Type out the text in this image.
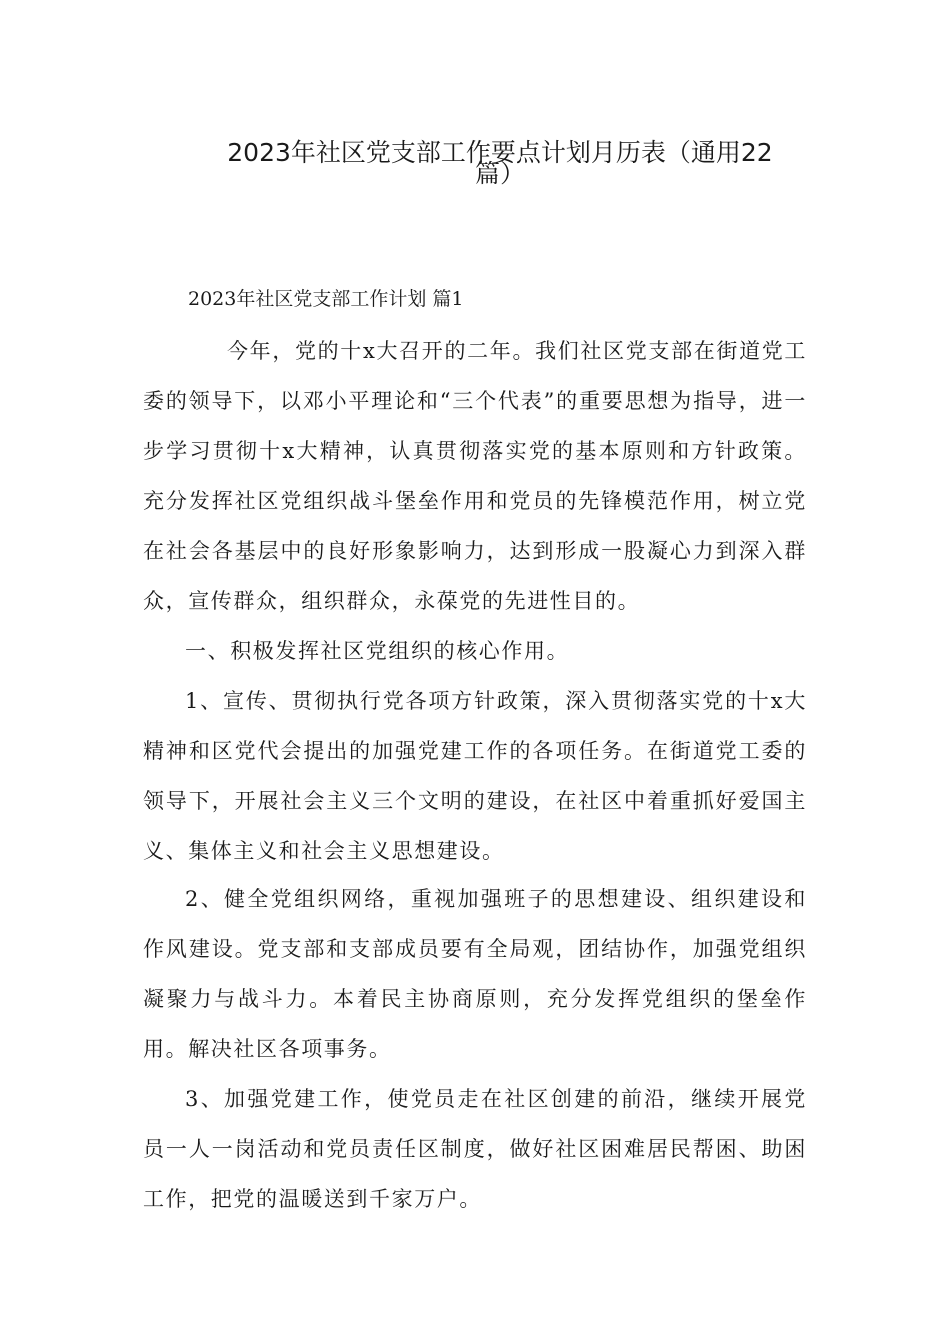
2023年社区党支部工作要点计划月历表（通用22
篇）
2023年社区党支部工作计划 篇1

今年，党的十x大召开的二年。我们社区党支部在街道党工委的领导下，以邓小平理论和“三个代表”的重要思想为指导，进一步学习贯彻十x大精神，认真贯彻落实党的基本原则和方针政策。充分发挥社区党组织战斗堡垒作用和党员的先锋模范作用，树立党在社会各基层中的良好形象影响力，达到形成一股凝心力到深入群众，宣传群众，组织群众，永葆党的先进性目的。

一、积极发挥社区党组织的核心作用。

1、宣传、贯彻执行党各项方针政策，深入贯彻落实党的十x大精神和区党代会提出的加强党建工作的各项任务。在街道党工委的领导下，开展社会主义三个文明的建设，在社区中着重抓好爱国主义、集体主义和社会主义思想建设。

2、健全党组织网络，重视加强班子的思想建设、组织建设和作风建设。党支部和支部成员要有全局观，团结协作，加强党组织凝聚力与战斗力。本着民主协商原则，充分发挥党组织的堡垒作用。解决社区各项事务。

3、加强党建工作，使党员走在社区创建的前沿，继续开展党员一人一岗活动和党员责任区制度，做好社区困难居民帮困、助困工作，把党的温暖送到千家万户。
